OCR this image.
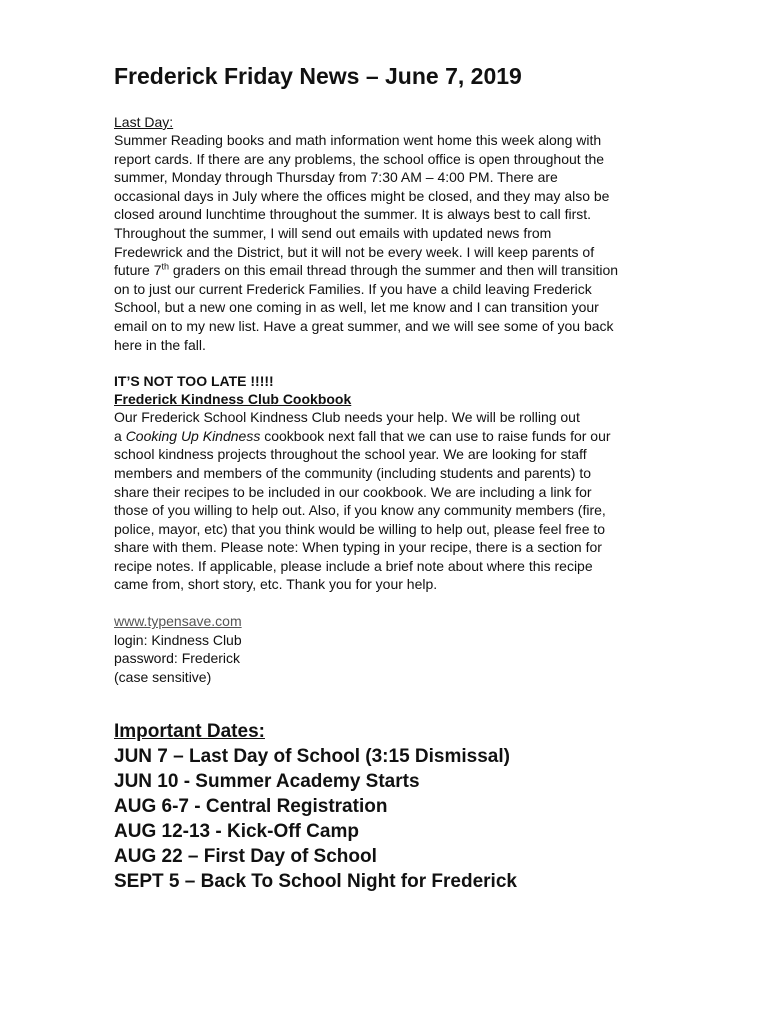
Frederick Friday News – June 7, 2019

Last Day:

Summer Reading books and math information went home this week along with
report cards. If there are any problems, the school office is open throughout the
summer, Monday through Thursday from 7:30 AM – 4:00 PM. There are
occasional days in July where the offices might be closed, and they may also be
closed around lunchtime throughout the summer. It is always best to call first.
Throughout the summer, I will send out emails with updated news from
Fredewrick and the District, but it will not be every week. I will keep parents of
future 7th graders on this email thread through the summer and then will transition
on to just our current Frederick Families. If you have a child leaving Frederick
School, but a new one coming in as well, let me know and I can transition your
email on to my new list. Have a great summer, and we will see some of you back
here in the fall.

IT’S NOT TOO LATE !!!!!

Frederick Kindness Club Cookbook

Our Frederick School Kindness Club needs your help. We will be rolling out
a Cooking Up Kindness cookbook next fall that we can use to raise funds for our
school kindness projects throughout the school year. We are looking for staff
members and members of the community (including students and parents) to
share their recipes to be included in our cookbook. We are including a link for
those of you willing to help out. Also, if you know any community members (fire,
police, mayor, etc) that you think would be willing to help out, please feel free to
share with them. Please note: When typing in your recipe, there is a section for
recipe notes. If applicable, please include a brief note about where this recipe
came from, short story, etc. Thank you for your help.
www.typensave.com
login: Kindness Club
password: Frederick
(case sensitive)

Important Dates:

JUN 7 – Last Day of School (3:15 Dismissal)

JUN 10 - Summer Academy Starts

AUG 6-7 - Central Registration

AUG 12-13 - Kick-Off Camp

AUG 22 – First Day of School

SEPT 5 – Back To School Night for Frederick
